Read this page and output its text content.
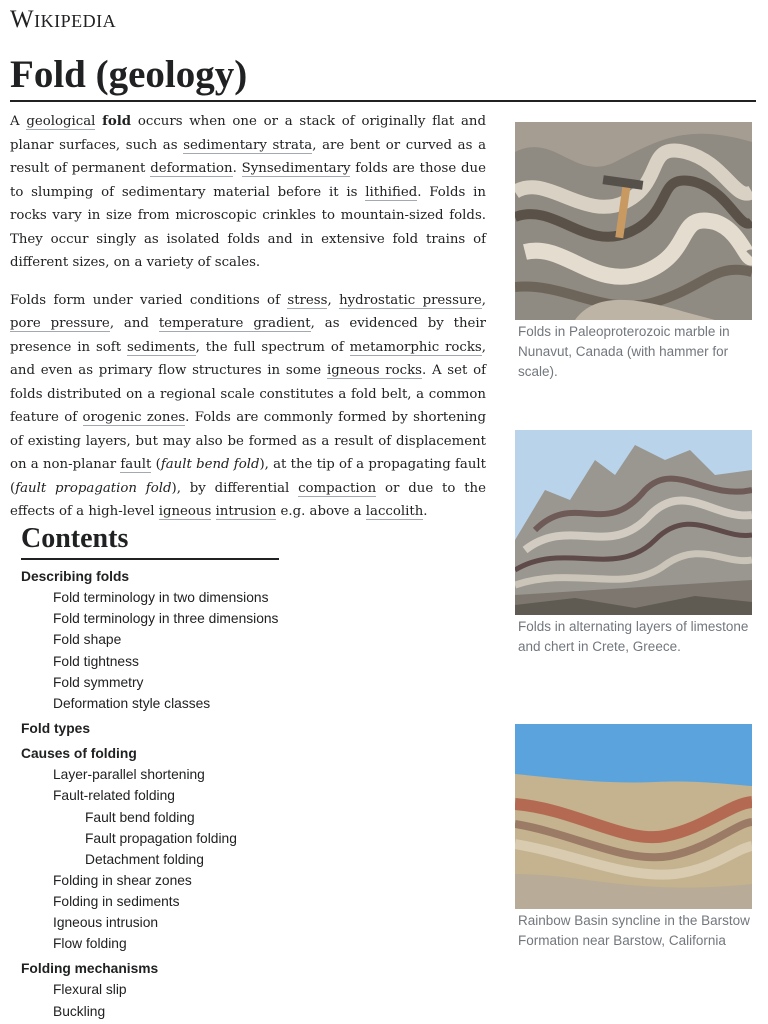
Wikipedia
Fold (geology)

A geological fold occurs when one or a stack of originally flat and planar surfaces, such as sedimentary strata, are bent or curved as a result of permanent deformation. Synsedimentary folds are those due to slumping of sedimentary material before it is lithified. Folds in rocks vary in size from microscopic crinkles to mountain-sized folds. They occur singly as isolated folds and in extensive fold trains of different sizes, on a variety of scales.

Folds form under varied conditions of stress, hydrostatic pressure, pore pressure, and temperature gradient, as evidenced by their presence in soft sediments, the full spectrum of metamorphic rocks, and even as primary flow structures in some igneous rocks. A set of folds distributed on a regional scale constitutes a fold belt, a common feature of orogenic zones. Folds are commonly formed by shortening of existing layers, but may also be formed as a result of displacement on a non-planar fault (fault bend fold), at the tip of a propagating fault (fault propagation fold), by differential compaction or due to the effects of a high-level igneous intrusion e.g. above a laccolith.

Folds in Paleoproterozoic marble in Nunavut, Canada (with hammer for scale).
Folds in alternating layers of limestone and chert in Crete, Greece.
Rainbow Basin syncline in the Barstow Formation near Barstow, California
Contents
Describing folds
Fold terminology in two dimensions
Fold terminology in three dimensions
Fold shape
Fold tightness
Fold symmetry
Deformation style classes
Fold types
Causes of folding
Layer-parallel shortening
Fault-related folding
Fault bend folding
Fault propagation folding
Detachment folding
Folding in shear zones
Folding in sediments
Igneous intrusion
Flow folding
Folding mechanisms
Flexural slip
Buckling
